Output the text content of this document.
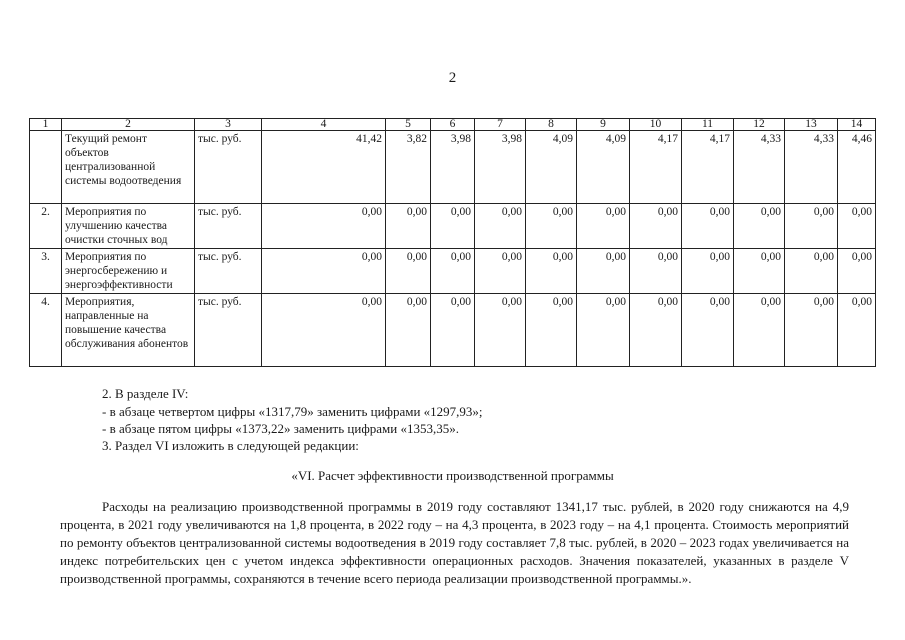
2
1	2	3	4	5	6	7	8	9	10	11	12	13	14
	Текущий ремонт объектов централизованной системы водоотведения	тыс. руб.	41,42	3,82	3,98	3,98	4,09	4,09	4,17	4,17	4,33	4,33	4,46
2.	Мероприятия по улучшению качества очистки сточных вод	тыс. руб.	0,00	0,00	0,00	0,00	0,00	0,00	0,00	0,00	0,00	0,00	0,00
3.	Мероприятия по энергосбережению и энергоэффективности	тыс. руб.	0,00	0,00	0,00	0,00	0,00	0,00	0,00	0,00	0,00	0,00	0,00
4.	Мероприятия, направленные на повышение качества обслуживания абонентов	тыс. руб.	0,00	0,00	0,00	0,00	0,00	0,00	0,00	0,00	0,00	0,00	0,00
2. В разделе IV:
- в абзаце четвертом цифры «1317,79» заменить цифрами «1297,93»;
- в абзаце пятом цифры «1373,22» заменить цифрами «1353,35».
3. Раздел VI изложить в следующей редакции:
«VI. Расчет эффективности производственной программы
Расходы на реализацию производственной программы в 2019 году составляют 1341,17 тыс. рублей, в 2020 году снижаются на 4,9 процента, в 2021 году увеличиваются на 1,8 процента, в 2022 году – на 4,3 процента, в 2023 году – на 4,1 процента. Стоимость мероприятий по ремонту объектов централизованной системы водоотведения в 2019 году составляет 7,8 тыс. рублей, в 2020 – 2023 годах увеличивается на индекс потребительских цен с учетом индекса эффективности операционных расходов. Значения показателей, указанных в разделе V производственной программы, сохраняются в течение всего периода реализации производственной программы.».
